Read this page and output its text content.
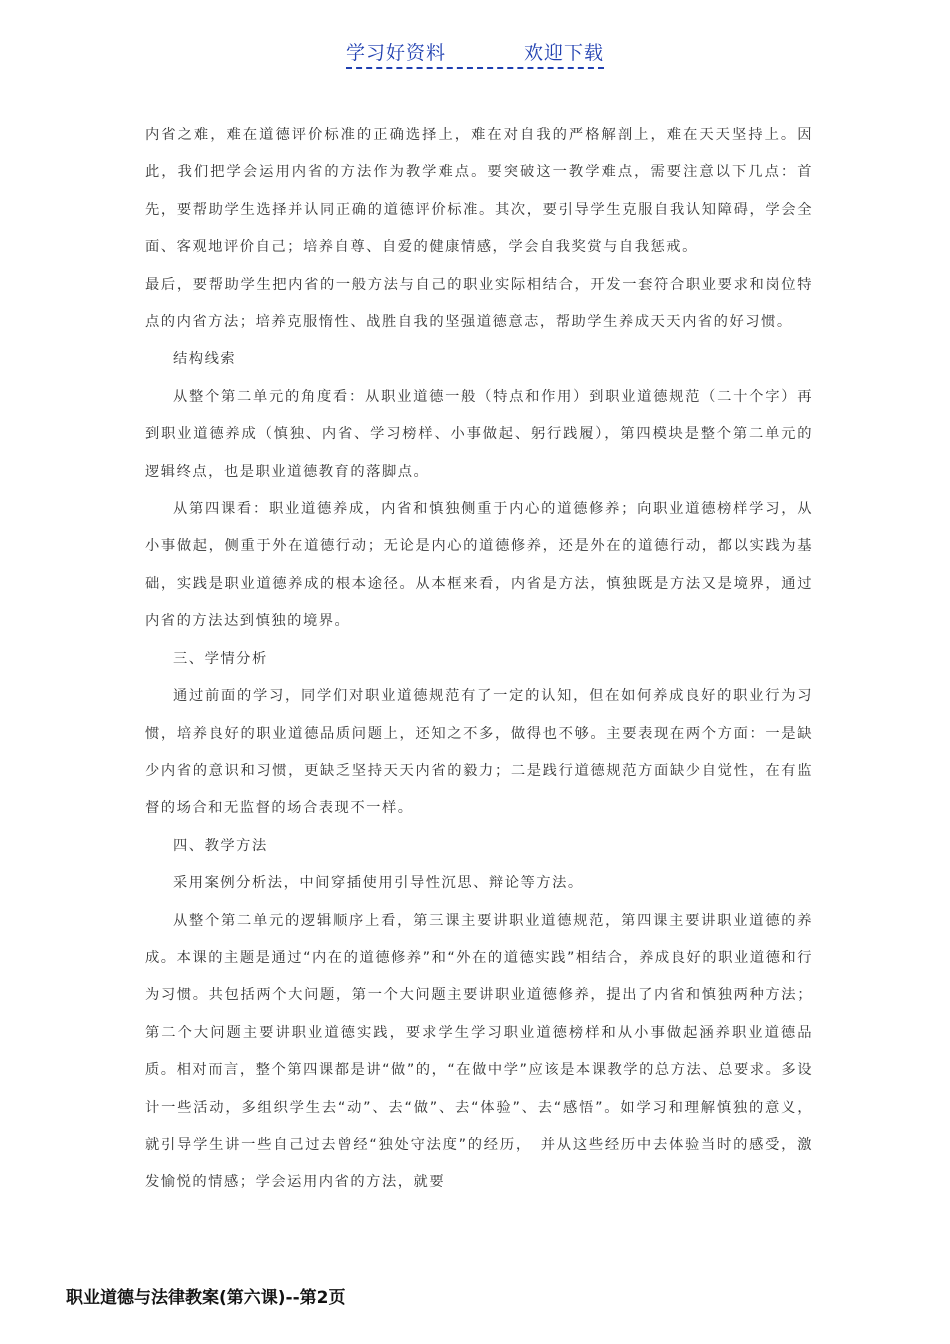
学习好资料	欢迎下载

内省之难，难在道德评价标准的正确选择上，难在对自我的严格解剖上，难在天天坚持上。因此，我们把学会运用内省的方法作为教学难点。要突破这一教学难点，需要注意以下几点：首先，要帮助学生选择并认同正确的道德评价标准。其次，要引导学生克服自我认知障碍，学会全面、客观地评价自己；培养自尊、自爱的健康情感，学会自我奖赏与自我惩戒。

最后，要帮助学生把内省的一般方法与自己的职业实际相结合，开发一套符合职业要求和岗位特点的内省方法；培养克服惰性、战胜自我的坚强道德意志，帮助学生养成天天内省的好习惯。

结构线索

从整个第二单元的角度看：从职业道德一般（特点和作用）到职业道德规范（二十个字）再到职业道德养成（慎独、内省、学习榜样、小事做起、躬行践履），第四模块是整个第二单元的逻辑终点，也是职业道德教育的落脚点。

从第四课看：职业道德养成，内省和慎独侧重于内心的道德修养；向职业道德榜样学习，从小事做起，侧重于外在道德行动；无论是内心的道德修养，还是外在的道德行动，都以实践为基础，实践是职业道德养成的根本途径。从本框来看，内省是方法，慎独既是方法又是境界，通过内省的方法达到慎独的境界。

三、学情分析

通过前面的学习，同学们对职业道德规范有了一定的认知，但在如何养成良好的职业行为习惯，培养良好的职业道德品质问题上，还知之不多，做得也不够。主要表现在两个方面：一是缺少内省的意识和习惯，更缺乏坚持天天内省的毅力；二是践行道德规范方面缺少自觉性，在有监督的场合和无监督的场合表现不一样。

四、教学方法

采用案例分析法，中间穿插使用引导性沉思、辩论等方法。

从整个第二单元的逻辑顺序上看，第三课主要讲职业道德规范，第四课主要讲职业道德的养成。本课的主题是通过“内在的道德修养”和“外在的道德实践”相结合，养成良好的职业道德和行为习惯。共包括两个大问题，第一个大问题主要讲职业道德修养，提出了内省和慎独两种方法；第二个大问题主要讲职业道德实践，要求学生学习职业道德榜样和从小事做起涵养职业道德品质。相对而言，整个第四课都是讲“做”的，“在做中学”应该是本课教学的总方法、总要求。多设计一些活动，多组织学生去“动”、去“做”、去“体验”、去“感悟”。如学习和理解慎独的意义，就引导学生讲一些自己过去曾经“独处守法度”的经历，　并从这些经历中去体验当时的感受，激发愉悦的情感；学会运用内省的方法，就要

职业道德与法律教案(第六课)--第2页
